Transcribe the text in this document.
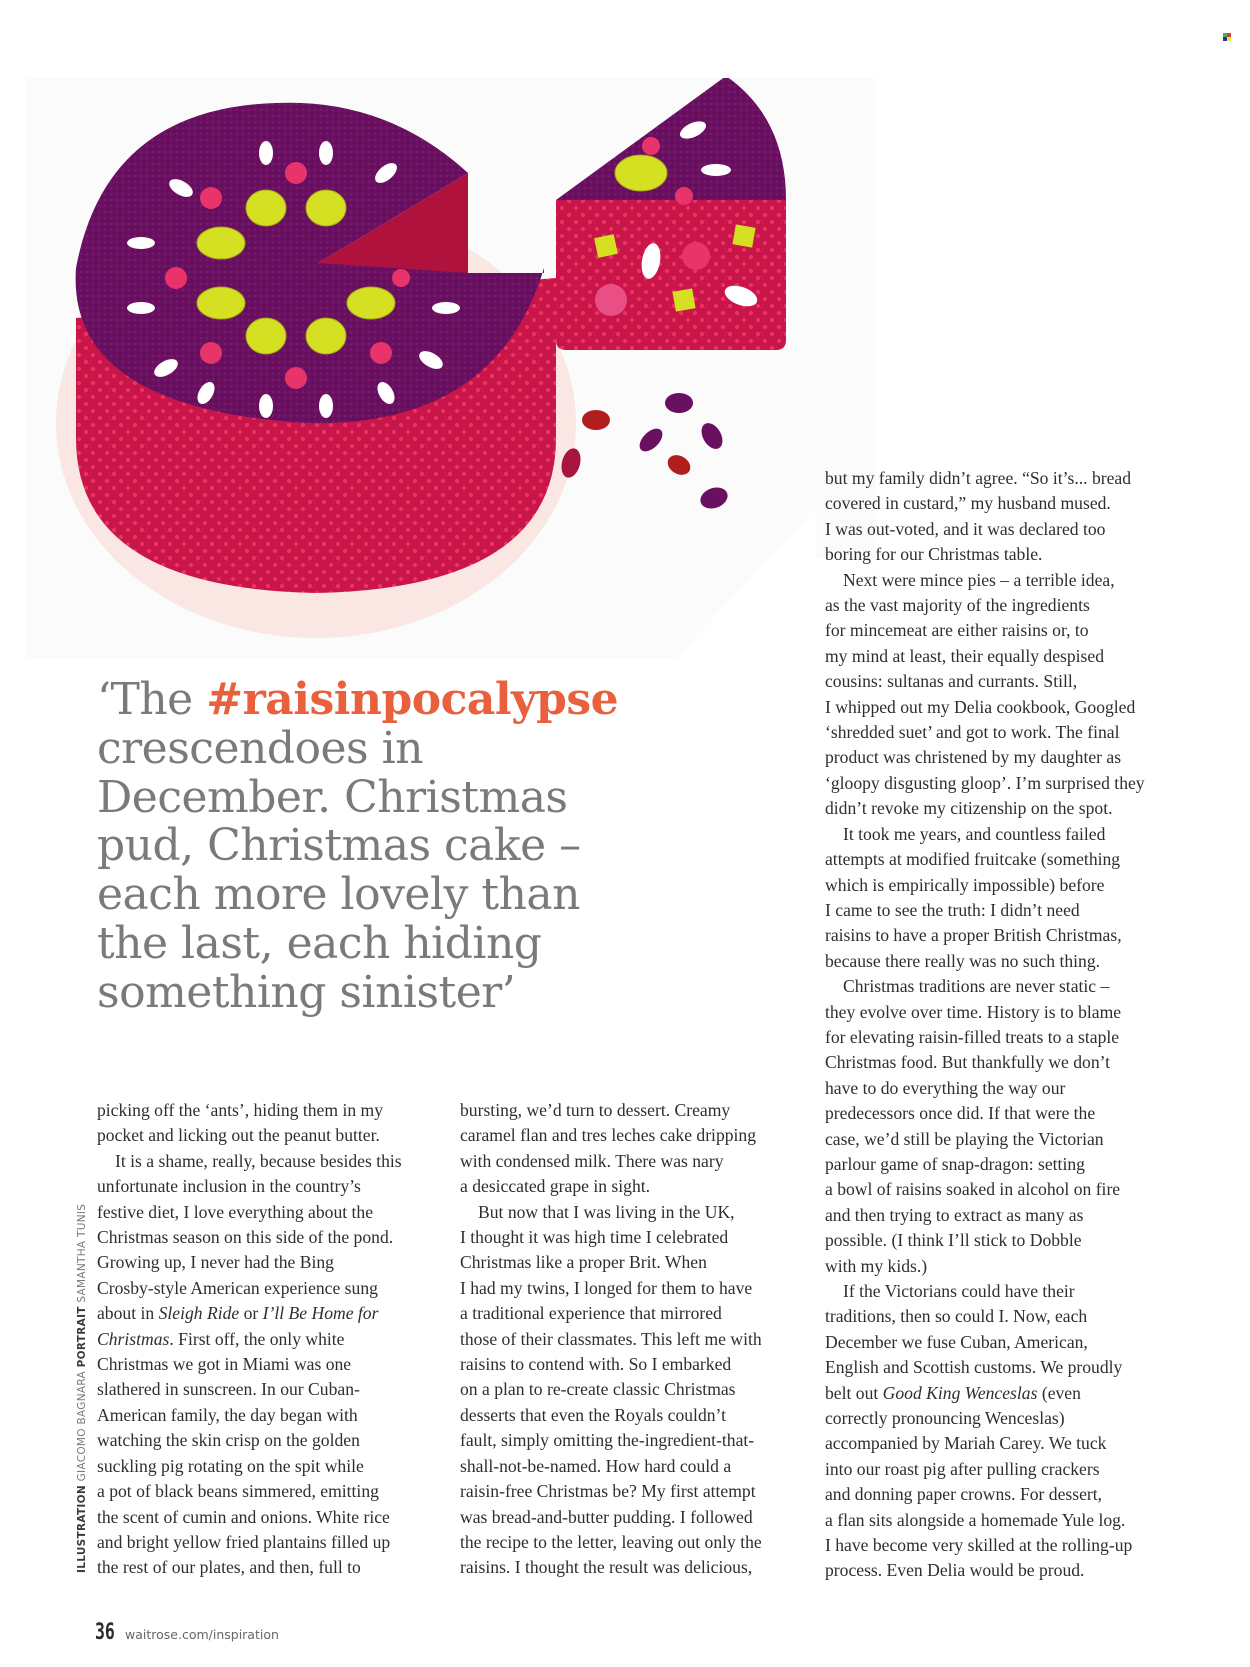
‘The #raisinpocalypse
crescendoes in
December. Christmas
pud, Christmas cake –
each more lovely than
the last, each hiding
something sinister’

picking off the ‘ants’, hiding them in my
pocket and licking out the peanut butter.

It is a shame, really, because besides this
unfortunate inclusion in the country’s
festive diet, I love everything about the
Christmas season on this side of the pond.
Growing up, I never had the Bing
Crosby-style American experience sung
about in Sleigh Ride or I’ll Be Home for
Christmas. First off, the only white
Christmas we got in Miami was one
slathered in sunscreen. In our Cuban-
American family, the day began with
watching the skin crisp on the golden
suckling pig rotating on the spit while
a pot of black beans simmered, emitting
the scent of cumin and onions. White rice
and bright yellow fried plantains filled up
the rest of our plates, and then, full to

bursting, we’d turn to dessert. Creamy
caramel flan and tres leches cake dripping
with condensed milk. There was nary
a desiccated grape in sight.

But now that I was living in the UK,
I thought it was high time I celebrated
Christmas like a proper Brit. When
I had my twins, I longed for them to have
a traditional experience that mirrored
those of their classmates. This left me with
raisins to contend with. So I embarked
on a plan to re-create classic Christmas
desserts that even the Royals couldn’t
fault, simply omitting the-ingredient-that-
shall-not-be-named. How hard could a
raisin-free Christmas be? My first attempt
was bread-and-butter pudding. I followed
the recipe to the letter, leaving out only the
raisins. I thought the result was delicious,

but my family didn’t agree. “So it’s... bread
covered in custard,” my husband mused.
I was out-voted, and it was declared too
boring for our Christmas table.

Next were mince pies – a terrible idea,
as the vast majority of the ingredients
for mincemeat are either raisins or, to
my mind at least, their equally despised
cousins: sultanas and currants. Still,
I whipped out my Delia cookbook, Googled
‘shredded suet’ and got to work. The final
product was christened by my daughter as
‘gloopy disgusting gloop’. I’m surprised they
didn’t revoke my citizenship on the spot.

It took me years, and countless failed
attempts at modified fruitcake (something
which is empirically impossible) before
I came to see the truth: I didn’t need
raisins to have a proper British Christmas,
because there really was no such thing.

Christmas traditions are never static –
they evolve over time. History is to blame
for elevating raisin-filled treats to a staple
Christmas food. But thankfully we don’t
have to do everything the way our
predecessors once did. If that were the
case, we’d still be playing the Victorian
parlour game of snap-dragon: setting
a bowl of raisins soaked in alcohol on fire
and then trying to extract as many as
possible. (I think I’ll stick to Dobble
with my kids.)

If the Victorians could have their
traditions, then so could I. Now, each
December we fuse Cuban, American,
English and Scottish customs. We proudly
belt out Good King Wenceslas (even
correctly pronouncing Wenceslas)
accompanied by Mariah Carey. We tuck
into our roast pig after pulling crackers
and donning paper crowns. For dessert,
a flan sits alongside a homemade Yule log.
I have become very skilled at the rolling-up
process. Even Delia would be proud.

ILLUSTRATION GIACOMO BAGNARA PORTRAIT SAMANTHA TUNIS
36 waitrose.com/inspiration
